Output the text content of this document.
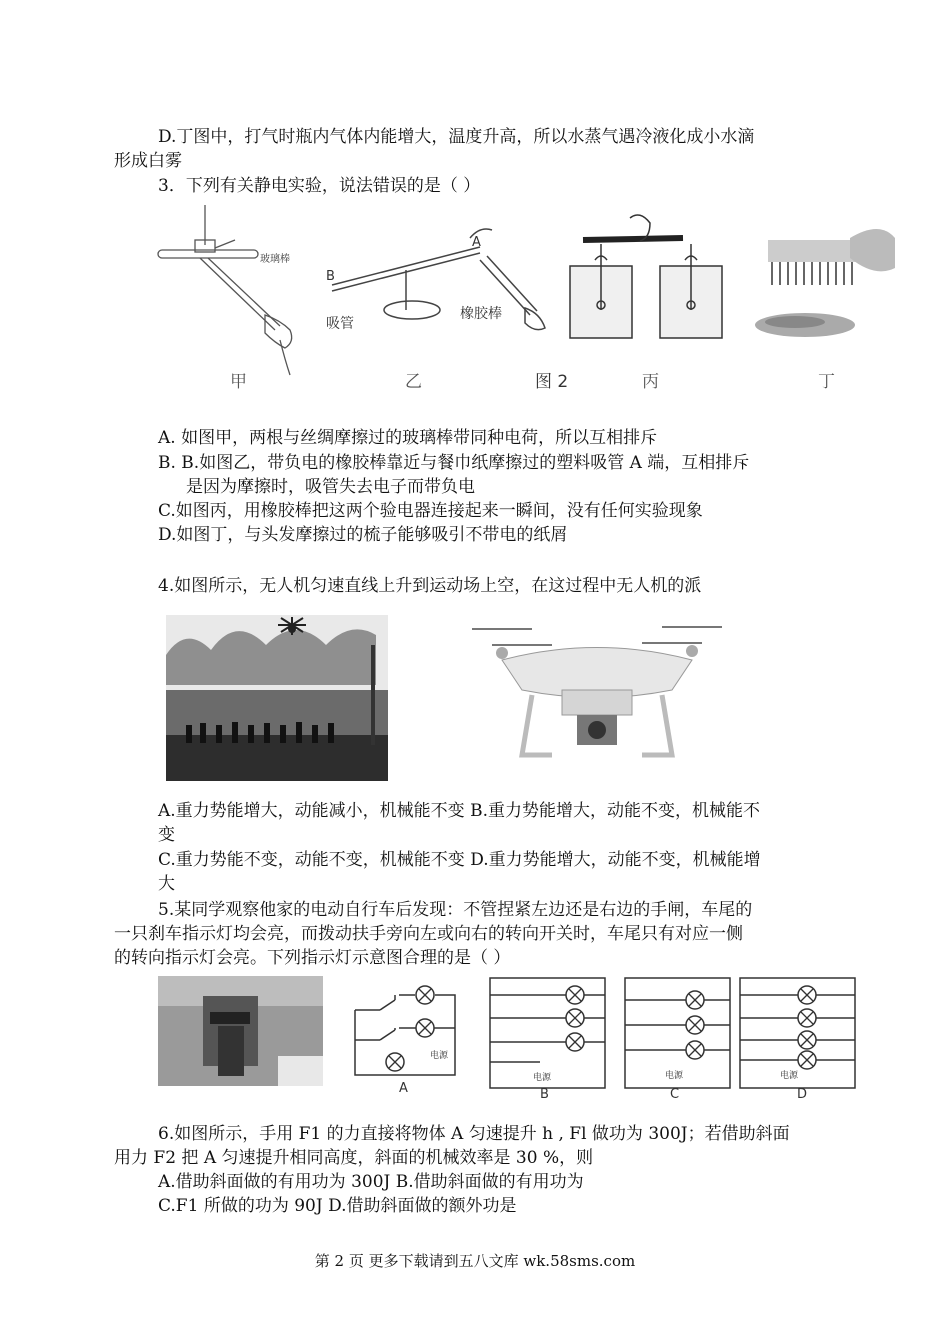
D.丁图中，打气时瓶内气体内能增大，温度升高，所以水蒸气遇冷液化成小水滴
形成白雾
3．下列有关静电实验，说法错误的是（ ）
玻璃棒
B
A
吸管
橡胶棒
甲	乙	图 2	丙	丁
A. 如图甲，两根与丝绸摩擦过的玻璃棒带同种电荷，所以互相排斥
B. B.如图乙，带负电的橡胶棒靠近与餐巾纸摩擦过的塑料吸管 A 端，互相排斥
是因为摩擦时，吸管失去电子而带负电
C.如图丙，用橡胶棒把这两个验电器连接起来一瞬间，没有任何实验现象
D.如图丁，与头发摩擦过的梳子能够吸引不带电的纸屑
4.如图所示，无人机匀速直线上升到运动场上空，在这过程中无人机的派
A.重力势能增大，动能减小，机械能不变 B.重力势能增大，动能不变，机械能不
变
C.重力势能不变，动能不变，机械能不变 D.重力势能增大，动能不变，机械能增
大
5.某同学观察他家的电动自行车后发现：不管捏紧左边还是右边的手闸，车尾的
一只刹车指示灯均会亮，而拨动扶手旁向左或向右的转向开关时，车尾只有对应一侧
的转向指示灯会亮。下列指示灯示意图合理的是（ ）
电源
A
电源
B
电源
C
电源
D
6.如图所示，手用 F1 的力直接将物体 A 匀速提升 h , Fl 做功为 300J；若借助斜面
用力 F2 把 A 匀速提升相同高度，斜面的机械效率是 30 %，则
A.借助斜面做的有用功为 300J B.借助斜面做的有用功为
C.F1 所做的功为 90J D.借助斜面做的额外功是
第 2 页 更多下载请到五八文库 wk.58sms.com
